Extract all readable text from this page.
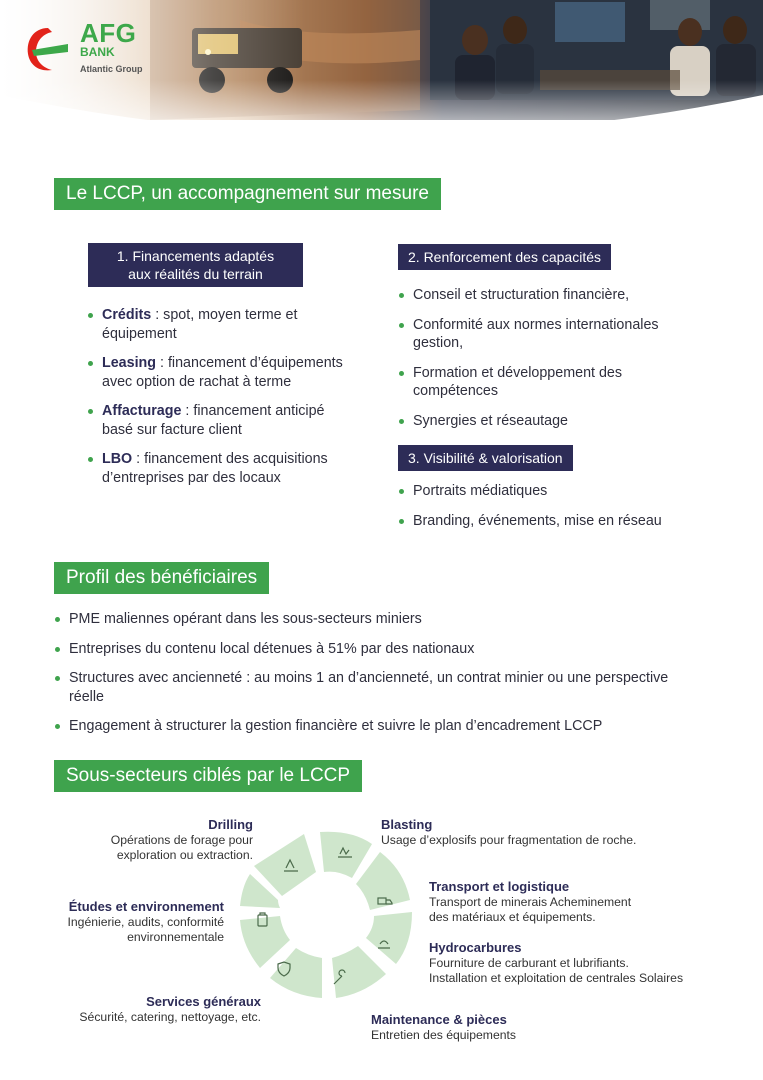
AFG
BANK
Atlantic Group
Le LCCP, un accompagnement sur mesure
1. Financements adaptés
aux réalités du terrain
Crédits : spot, moyen terme et équipement
Leasing : financement d’équipements avec option de rachat à terme
Affacturage : financement anticipé basé sur facture client
LBO : financement des acquisitions d’entreprises par des locaux
2. Renforcement des capacités
Conseil et structuration financière,
Conformité aux normes internationales gestion,
Formation et développement des compétences
Synergies et réseautage
3. Visibilité & valorisation
Portraits médiatiques
Branding, événements, mise en réseau
Profil des bénéficiaires
PME maliennes opérant dans les sous-secteurs miniers
Entreprises du contenu local détenues à 51% par des nationaux
Structures avec ancienneté : au moins 1 an d’ancienneté, un contrat minier ou une perspective réelle
Engagement à structurer la gestion financière et suivre le plan d’encadrement LCCP
Sous-secteurs ciblés par le LCCP
Drilling
Opérations de forage pour
exploration ou extraction.
Blasting
Usage d’explosifs pour fragmentation de roche.
Transport et logistique
Transport de minerais Acheminement
des matériaux et équipements.
Études et environnement
Ingénierie, audits, conformité
environnementale
Hydrocarbures
Fourniture de carburant et lubrifiants.
Installation et exploitation de centrales Solaires
Services généraux
Sécurité, catering, nettoyage, etc.	Maintenance & pièces
Entretien des équipements
